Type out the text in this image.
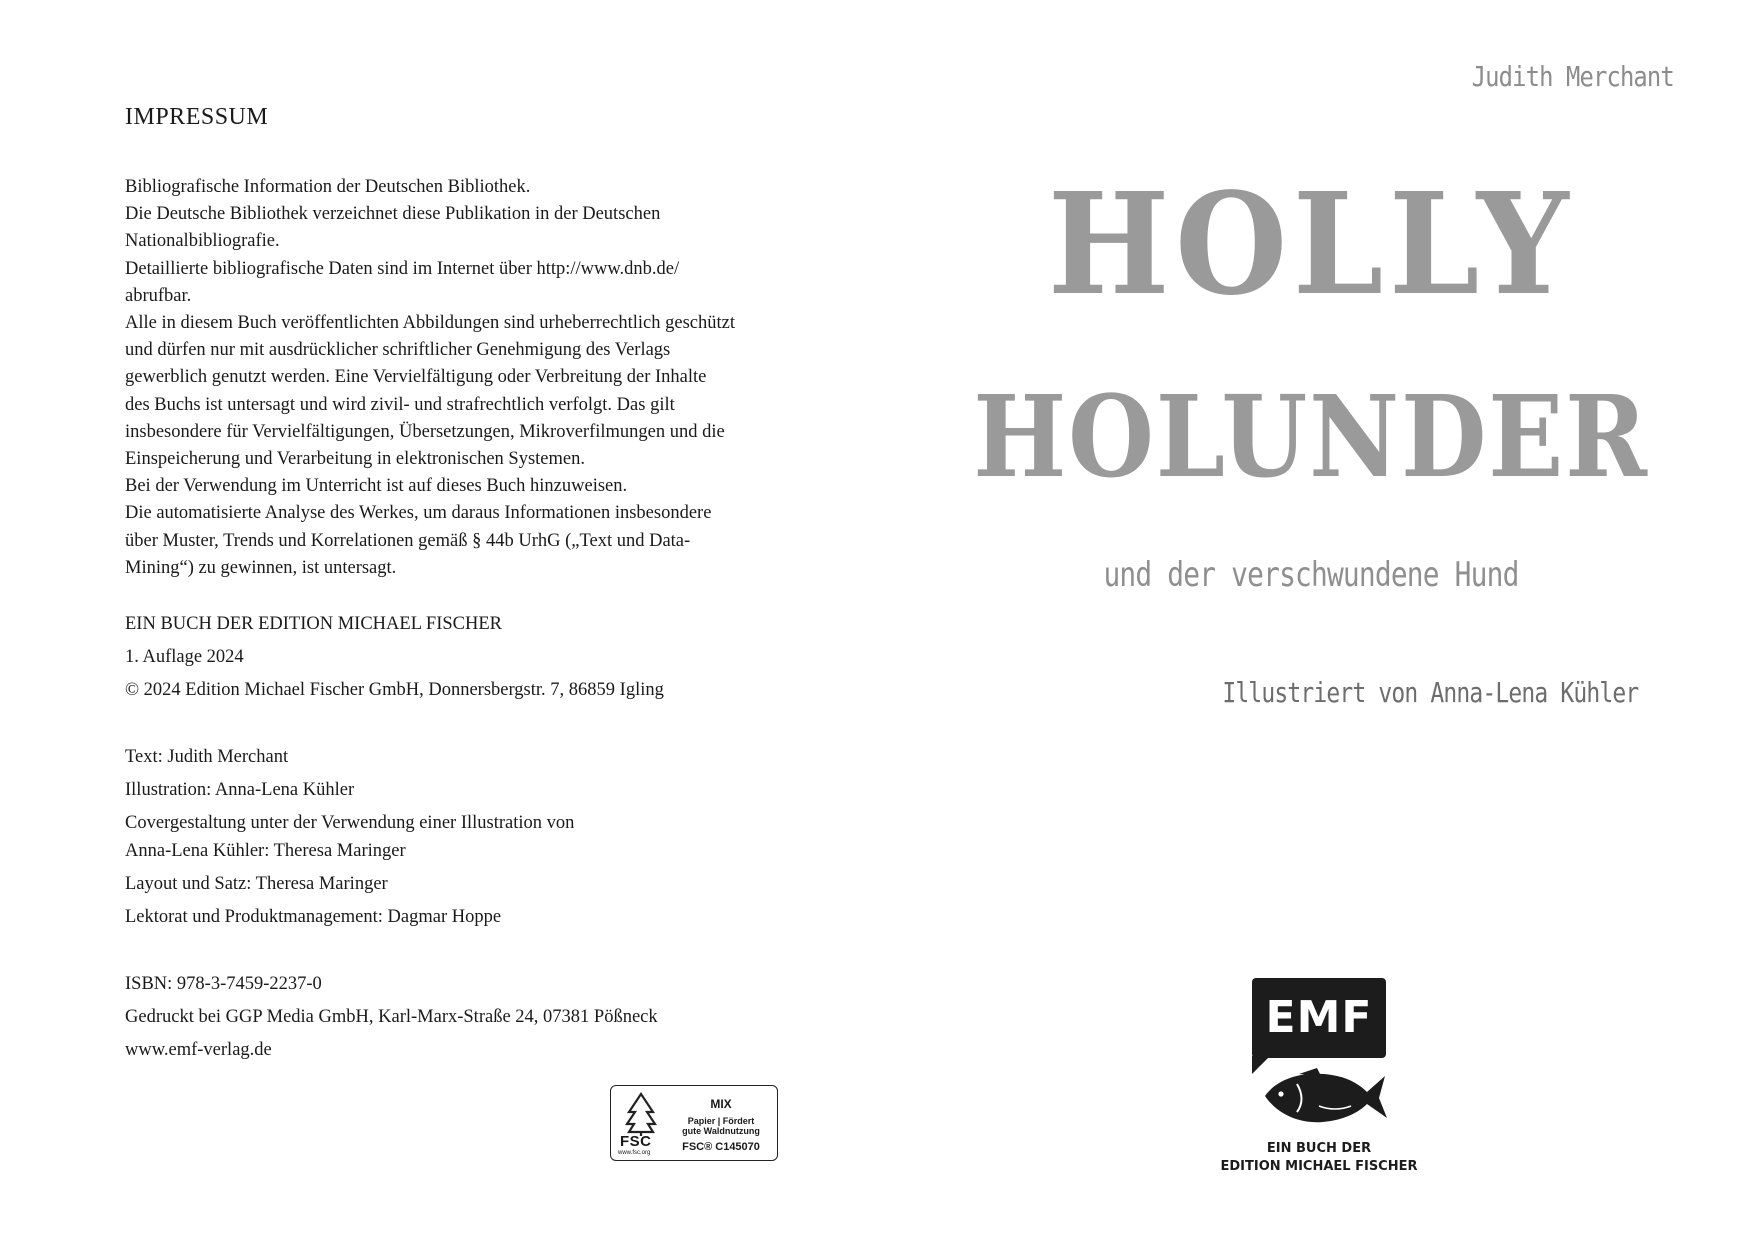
IMPRESSUM

Bibliografische Information der Deutschen Bibliothek.

Die Deutsche Bibliothek verzeichnet diese Publikation in der Deutschen

Nationalbibliografie.

Detaillierte bibliografische Daten sind im Internet über http://www.dnb.de/

abrufbar.

Alle in diesem Buch veröffentlichten Abbildungen sind urheberrechtlich geschützt

und dürfen nur mit ausdrücklicher schriftlicher Genehmigung des Verlags

gewerblich genutzt werden. Eine Vervielfältigung oder Verbreitung der Inhalte

des Buchs ist untersagt und wird zivil- und strafrechtlich verfolgt. Das gilt

insbesondere für Vervielfältigungen, Übersetzungen, Mikroverfilmungen und die

Einspeicherung und Verarbeitung in elektronischen Systemen.

Bei der Verwendung im Unterricht ist auf dieses Buch hinzuweisen.

Die automatisierte Analyse des Werkes, um daraus Informationen insbesondere

über Muster, Trends und Korrelationen gemäß § 44b UrhG („Text und Data-

Mining“) zu gewinnen, ist untersagt.

EIN BUCH DER EDITION MICHAEL FISCHER

1. Auflage 2024

© 2024 Edition Michael Fischer GmbH, Donnersbergstr. 7, 86859 Igling

Text: Judith Merchant

Illustration: Anna-Lena Kühler

Covergestaltung unter der Verwendung einer Illustration von

Anna-Lena Kühler: Theresa Maringer

Layout und Satz: Theresa Maringer

Lektorat und Produktmanagement: Dagmar Hoppe

ISBN: 978-3-7459-2237-0

Gedruckt bei GGP Media GmbH, Karl-Marx-Straße 24, 07381 Pößneck

www.emf-verlag.de

FSC
www.fsc.org
MIX
Papier | Fördert
gute Waldnutzung
FSC® C145070
Judith Merchant
HOLLY
HOLUNDER
und der verschwundene Hund
Illustriert von Anna-Lena Kühler
EMF
EIN BUCH DER
EDITION MICHAEL FISCHER
